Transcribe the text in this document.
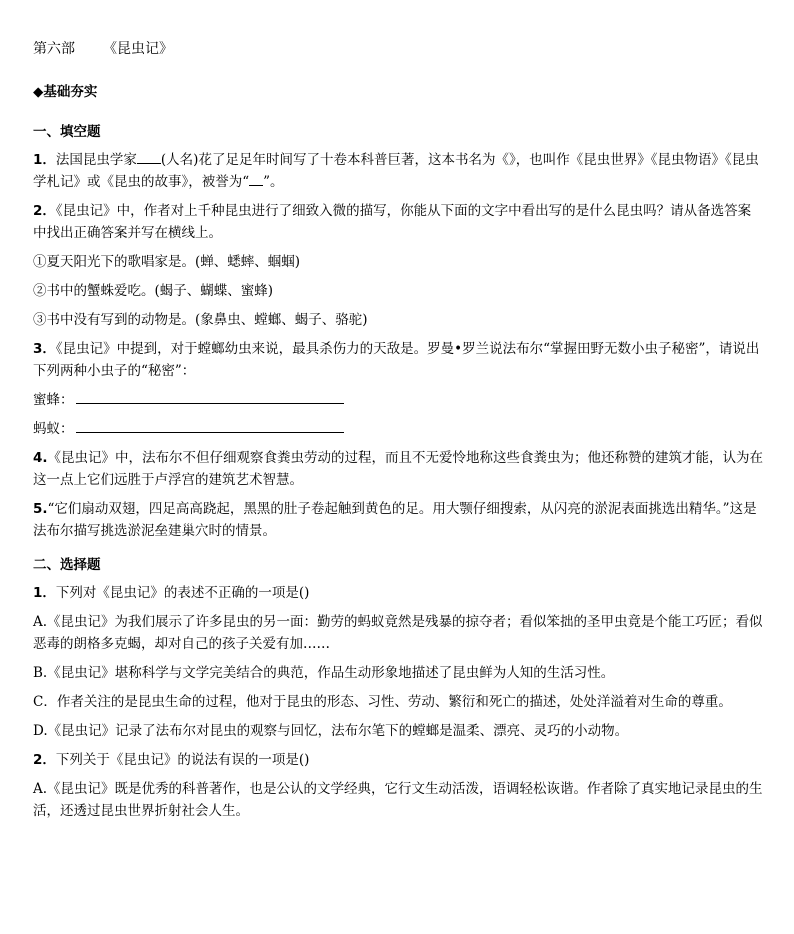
第六部 《昆虫记》
◆基础夯实
一、填空题
1．法国昆虫学家 (人名)花了足足年时间写了十卷本科普巨著，这本书名为《》，也叫作《昆虫世界》《昆虫物语》《昆虫学札记》或《昆虫的故事》，被誉为“ ”。
2．《昆虫记》中，作者对上千种昆虫进行了细致入微的描写，你能从下面的文字中看出写的是什么昆虫吗？请从备选答案中找出正确答案并写在横线上。
①夏天阳光下的歌唱家是。(蝉、蟋蟀、蝈蝈)
②书中的蟹蛛爱吃。(蝎子、蝴蝶、蜜蜂)
③书中没有写到的动物是。(象鼻虫、螳螂、蝎子、骆驼)
3．《昆虫记》中提到，对于螳螂幼虫来说，最具杀伤力的天敌是。罗曼•罗兰说法布尔“掌握田野无数小虫子秘密”，请说出下列两种小虫子的“秘密”：
蜜蜂：
蚂蚁：
4.《昆虫记》中，法布尔不但仔细观察食粪虫劳动的过程，而且不无爱怜地称这些食粪虫为；他还称赞的建筑才能，认为在这一点上它们远胜于卢浮宫的建筑艺术智慧。
5.“它们扇动双翅，四足高高跷起，黑黑的肚子卷起触到黄色的足。用大颚仔细搜索，从闪亮的淤泥表面挑选出精华。”这是法布尔描写挑选淤泥垒建巢穴时的情景。
二、选择题
1．下列对《昆虫记》的表述不正确的一项是()
A.《昆虫记》为我们展示了许多昆虫的另一面：勤劳的蚂蚁竟然是残暴的掠夺者；看似笨拙的圣甲虫竟是个能工巧匠；看似恶毒的朗格多克蝎，却对自己的孩子关爱有加……
B.《昆虫记》堪称科学与文学完美结合的典范，作品生动形象地描述了昆虫鲜为人知的生活习性。
C．作者关注的是昆虫生命的过程，他对于昆虫的形态、习性、劳动、繁衍和死亡的描述，处处洋溢着对生命的尊重。
D.《昆虫记》记录了法布尔对昆虫的观察与回忆，法布尔笔下的螳螂是温柔、漂亮、灵巧的小动物。
2．下列关于《昆虫记》的说法有误的一项是()
A.《昆虫记》既是优秀的科普著作，也是公认的文学经典，它行文生动活泼，语调轻松诙谐。作者除了真实地记录昆虫的生活，还透过昆虫世界折射社会人生。
